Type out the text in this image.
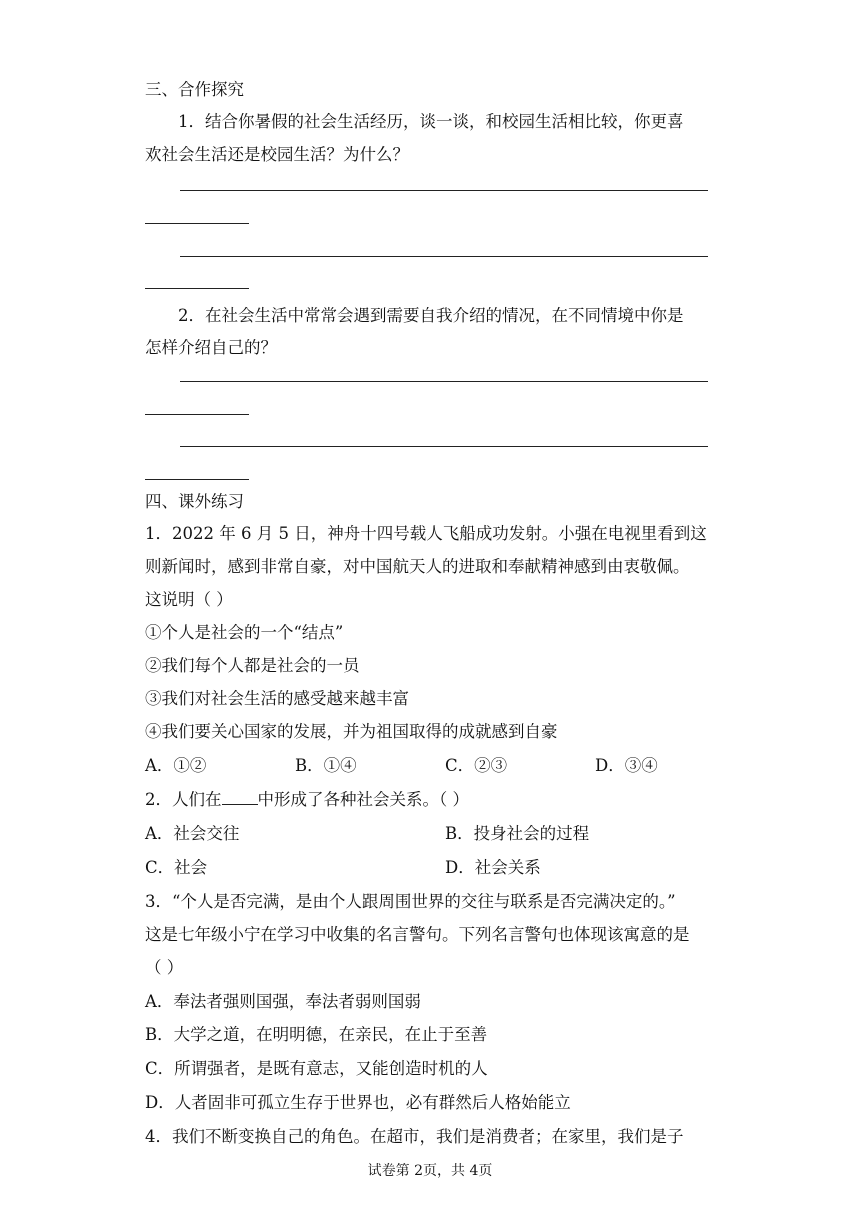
三、合作探究
1．结合你暑假的社会生活经历，谈一谈，和校园生活相比较，你更喜
欢社会生活还是校园生活？为什么？
2．在社会生活中常常会遇到需要自我介绍的情况，在不同情境中你是
怎样介绍自己的？
四、课外练习
1．2022 年 6 月 5 日，神舟十四号载人飞船成功发射。小强在电视里看到这
则新闻时，感到非常自豪，对中国航天人的进取和奉献精神感到由衷敬佩。
这说明（ ）
①个人是社会的一个“结点”
②我们每个人都是社会的一员
③我们对社会生活的感受越来越丰富
④我们要关心国家的发展，并为祖国取得的成就感到自豪
A．①②	B．①④	C．②③	D．③④
2．人们在 中形成了各种社会关系。（ ）
A．社会交往	B．投身社会的过程
C．社会	D．社会关系
3．“个人是否完满，是由个人跟周围世界的交往与联系是否完满决定的。”
这是七年级小宁在学习中收集的名言警句。下列名言警句也体现该寓意的是
（ ）
A．奉法者强则国强，奉法者弱则国弱
B．大学之道，在明明德，在亲民，在止于至善
C．所谓强者，是既有意志，又能创造时机的人
D．人者固非可孤立生存于世界也，必有群然后人格始能立
4．我们不断变换自己的角色。在超市，我们是消费者；在家里，我们是子
试卷第 2页，共 4页
